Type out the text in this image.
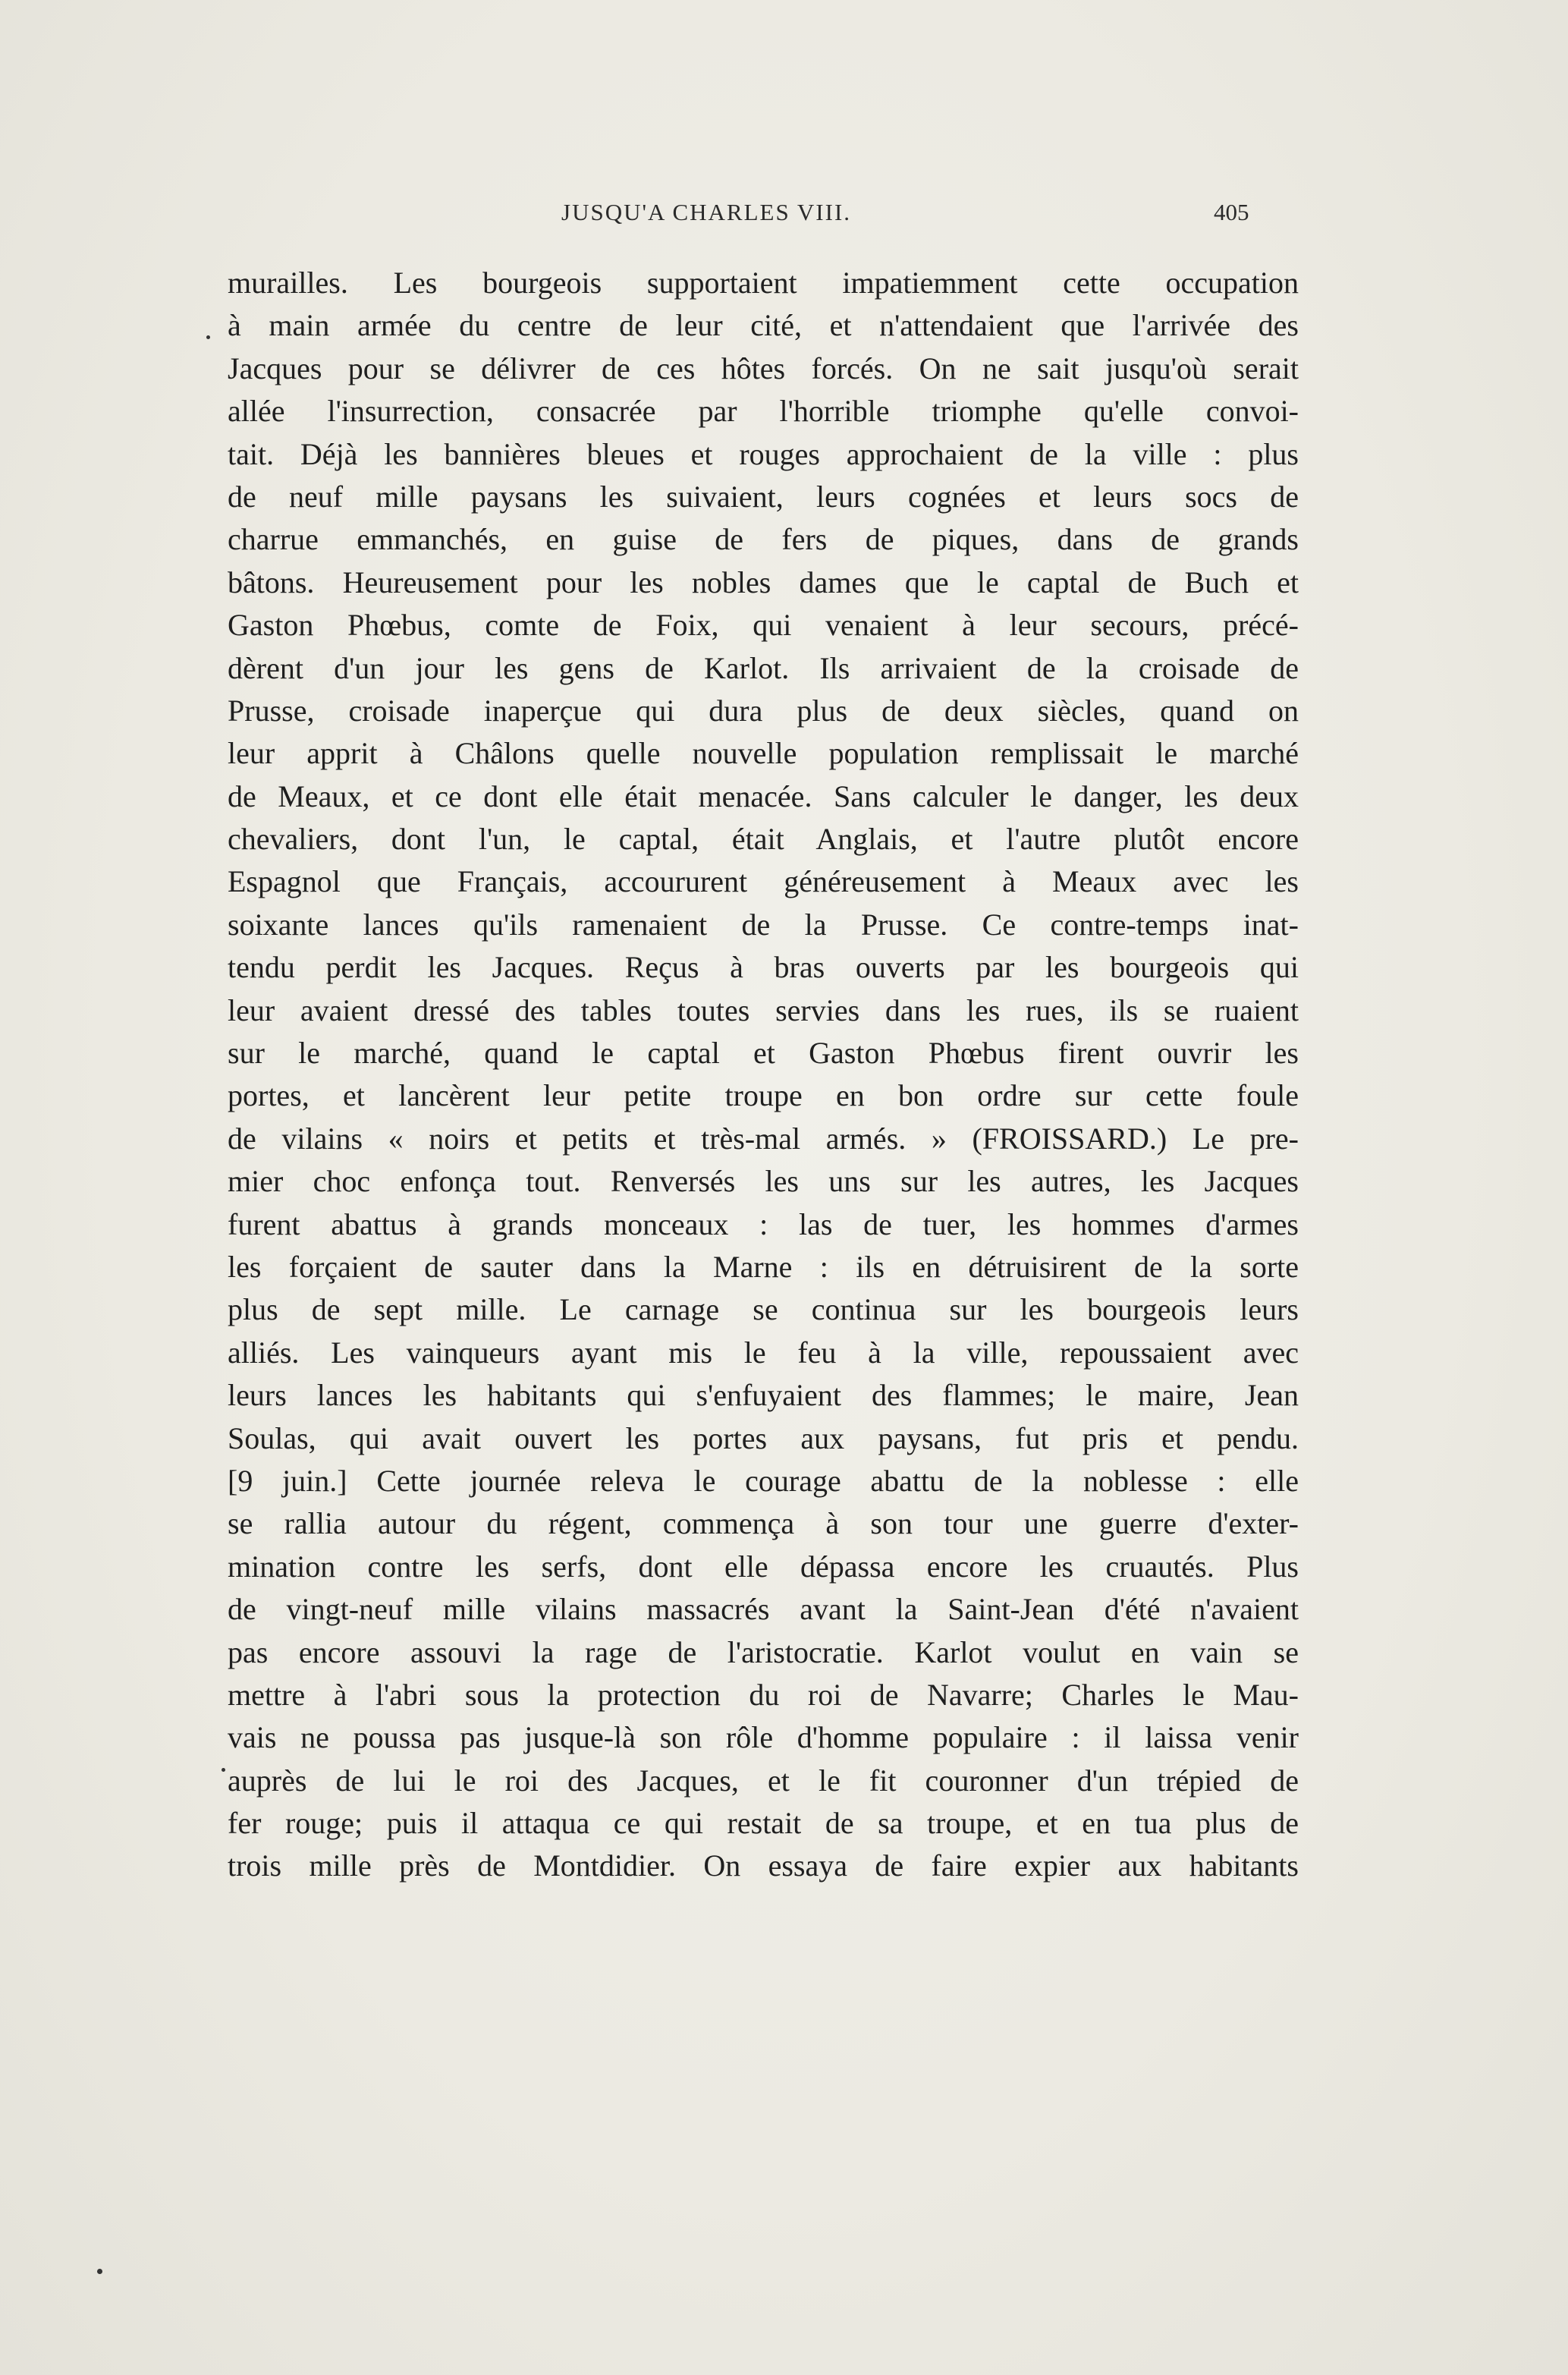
JUSQU'A CHARLES VIII.	405
murailles. Les bourgeois supportaient impatiemment cette occupation
à main armée du centre de leur cité, et n'attendaient que l'arrivée des
Jacques pour se délivrer de ces hôtes forcés. On ne sait jusqu'où serait
allée l'insurrection, consacrée par l'horrible triomphe qu'elle convoi-
tait. Déjà les bannières bleues et rouges approchaient de la ville : plus
de neuf mille paysans les suivaient, leurs cognées et leurs socs de
charrue emmanchés, en guise de fers de piques, dans de grands
bâtons. Heureusement pour les nobles dames que le captal de Buch et
Gaston Phœbus, comte de Foix, qui venaient à leur secours, précé-
dèrent d'un jour les gens de Karlot. Ils arrivaient de la croisade de
Prusse, croisade inaperçue qui dura plus de deux siècles, quand on
leur apprit à Châlons quelle nouvelle population remplissait le marché
de Meaux, et ce dont elle était menacée. Sans calculer le danger, les deux
chevaliers, dont l'un, le captal, était Anglais, et l'autre plutôt encore
Espagnol que Français, accoururent généreusement à Meaux avec les
soixante lances qu'ils ramenaient de la Prusse. Ce contre-temps inat-
tendu perdit les Jacques. Reçus à bras ouverts par les bourgeois qui
leur avaient dressé des tables toutes servies dans les rues, ils se ruaient
sur le marché, quand le captal et Gaston Phœbus firent ouvrir les
portes, et lancèrent leur petite troupe en bon ordre sur cette foule
de vilains « noirs et petits et très-mal armés. » (FROISSARD.) Le pre-
mier choc enfonça tout. Renversés les uns sur les autres, les Jacques
furent abattus à grands monceaux : las de tuer, les hommes d'armes
les forçaient de sauter dans la Marne : ils en détruisirent de la sorte
plus de sept mille. Le carnage se continua sur les bourgeois leurs
alliés. Les vainqueurs ayant mis le feu à la ville, repoussaient avec
leurs lances les habitants qui s'enfuyaient des flammes; le maire, Jean
Soulas, qui avait ouvert les portes aux paysans, fut pris et pendu.
[9 juin.] Cette journée releva le courage abattu de la noblesse : elle
se rallia autour du régent, commença à son tour une guerre d'exter-
mination contre les serfs, dont elle dépassa encore les cruautés. Plus
de vingt-neuf mille vilains massacrés avant la Saint-Jean d'été n'avaient
pas encore assouvi la rage de l'aristocratie. Karlot voulut en vain se
mettre à l'abri sous la protection du roi de Navarre; Charles le Mau-
vais ne poussa pas jusque-là son rôle d'homme populaire : il laissa venir
auprès de lui le roi des Jacques, et le fit couronner d'un trépied de
fer rouge; puis il attaqua ce qui restait de sa troupe, et en tua plus de
trois mille près de Montdidier. On essaya de faire expier aux habitants
